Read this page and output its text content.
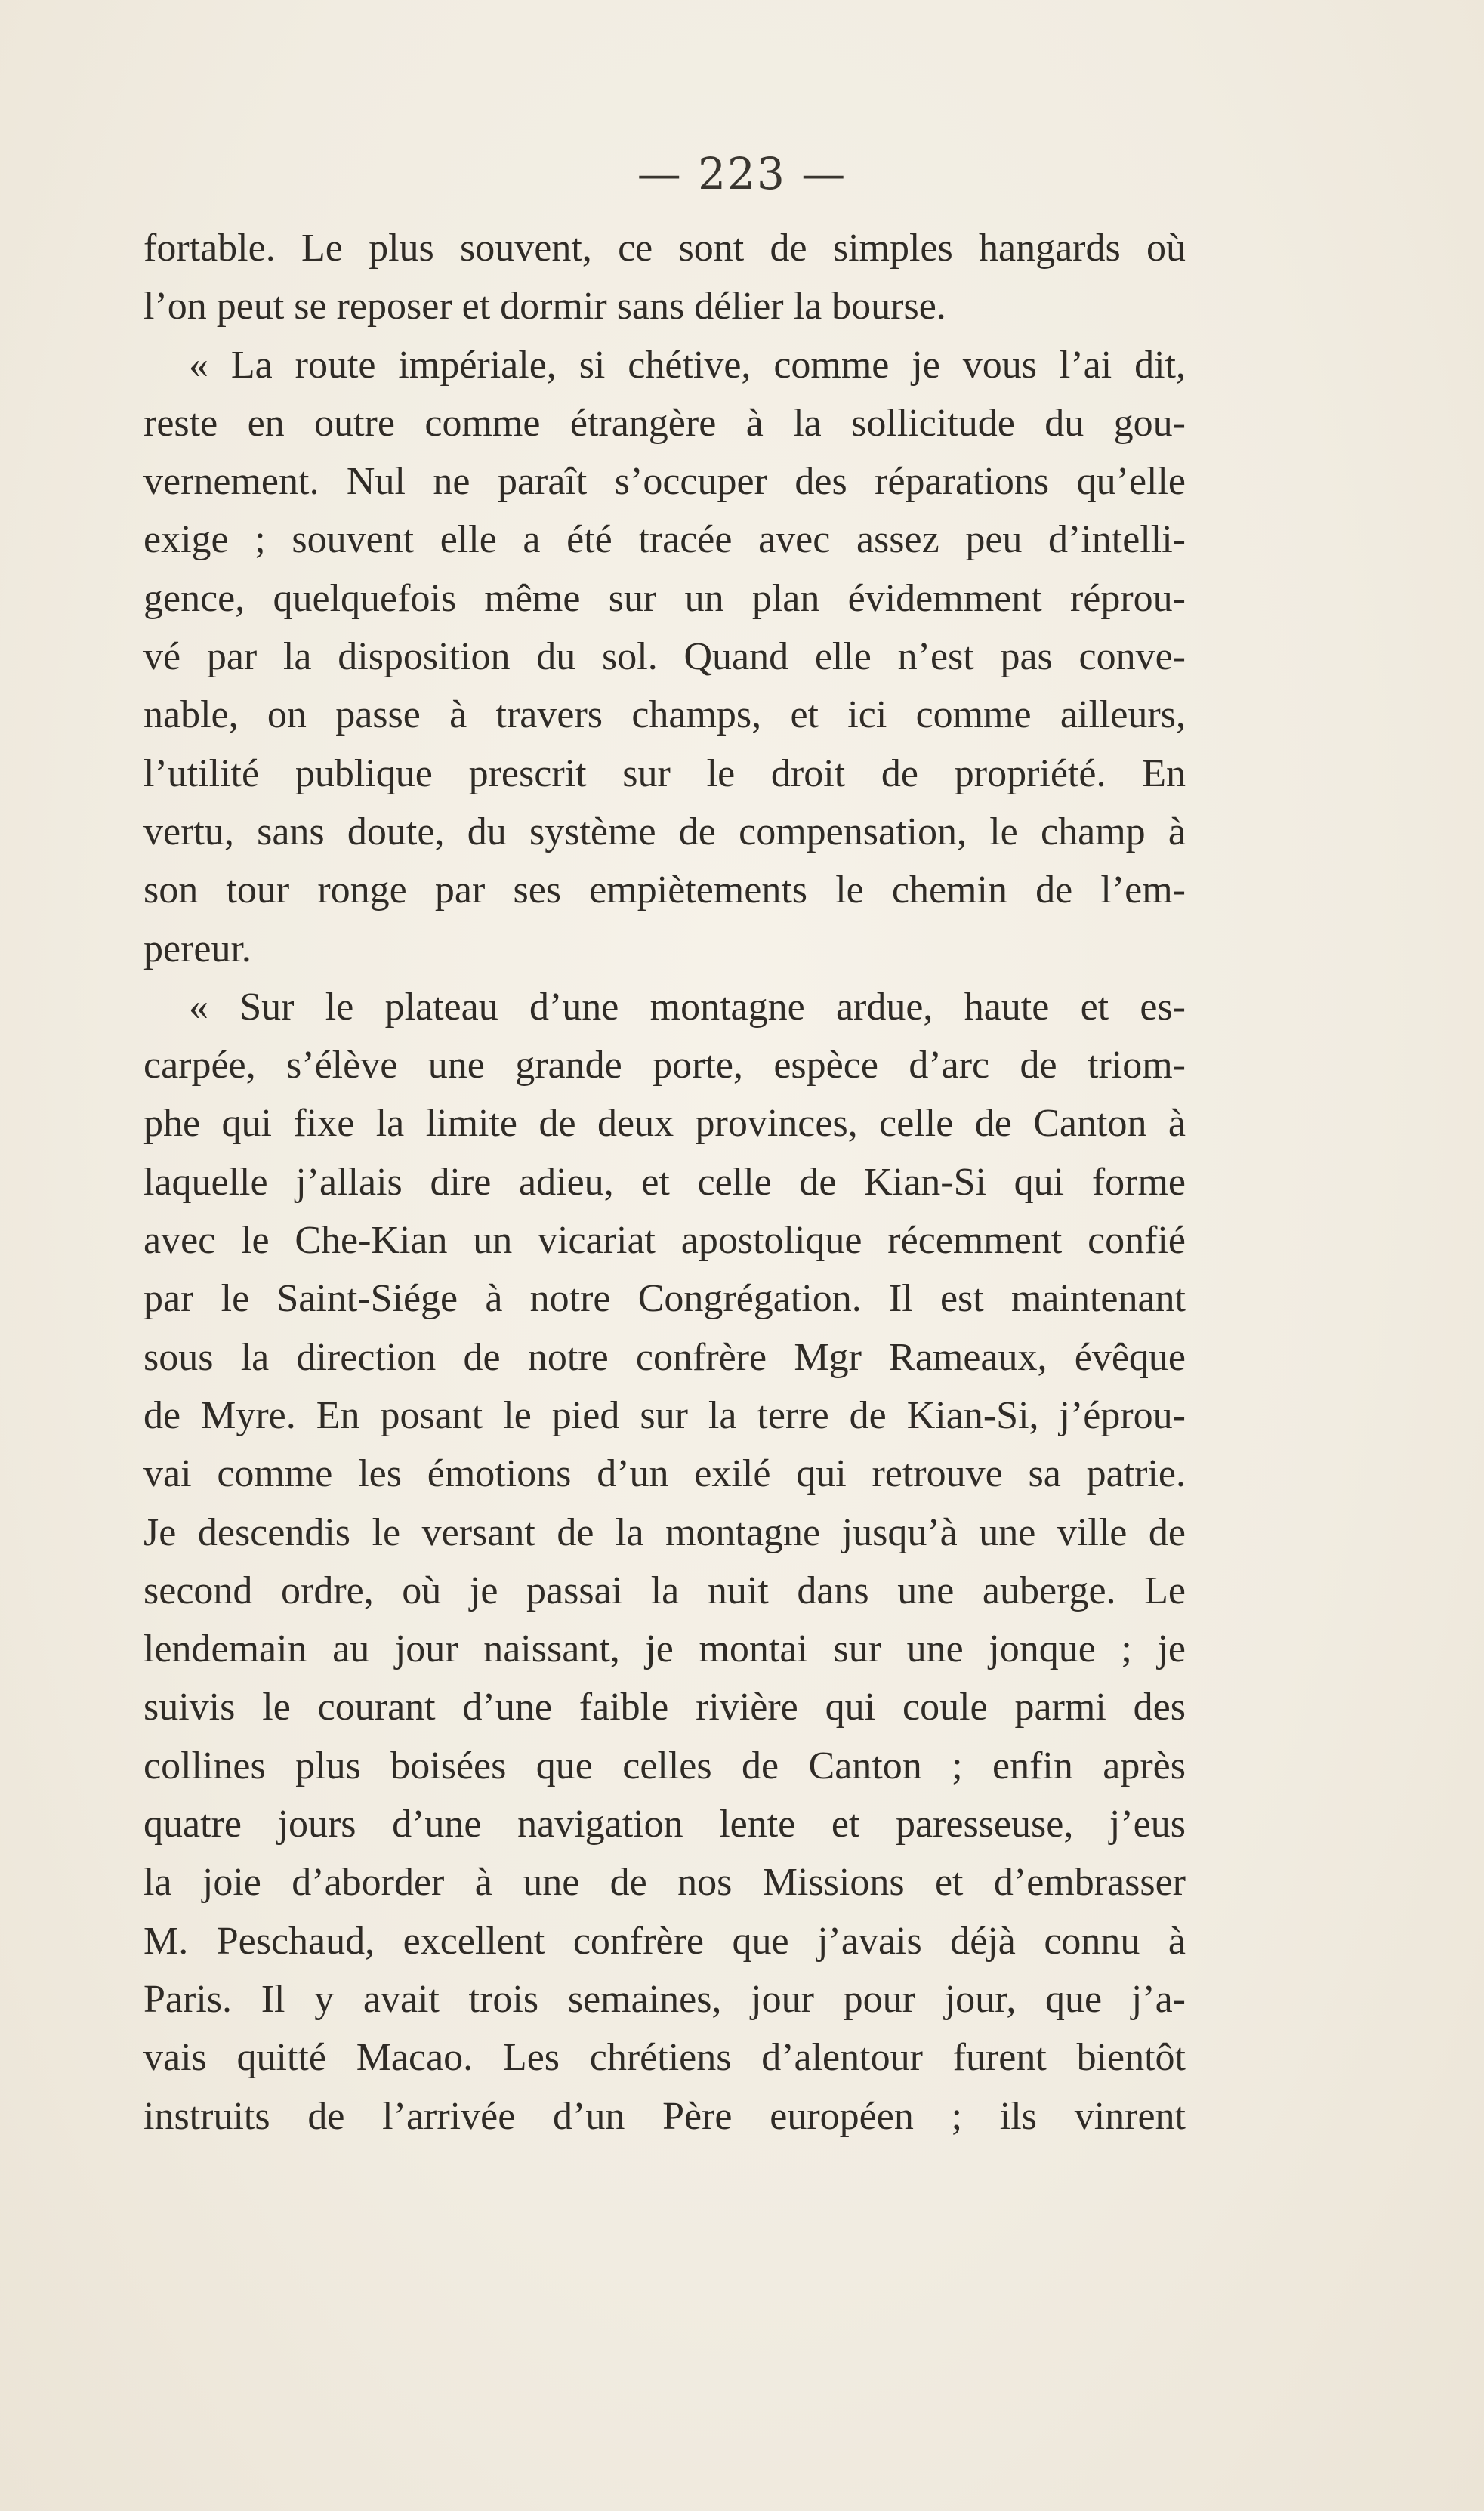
— 223 —
fortable. Le plus souvent, ce sont de simples hangards où
l’on peut se reposer et dormir sans délier la bourse.
« La route impériale, si chétive, comme je vous l’ai dit,
reste en outre comme étrangère à la sollicitude du gou-
vernement. Nul ne paraît s’occuper des réparations qu’elle
exige ; souvent elle a été tracée avec assez peu d’intelli-
gence, quelquefois même sur un plan évidemment réprou-
vé par la disposition du sol. Quand elle n’est pas conve-
nable, on passe à travers champs, et ici comme ailleurs,
l’utilité publique prescrit sur le droit de propriété. En
vertu, sans doute, du système de compensation, le champ à
son tour ronge par ses empiètements le chemin de l’em-
pereur.
« Sur le plateau d’une montagne ardue, haute et es-
carpée, s’élève une grande porte, espèce d’arc de triom-
phe qui fixe la limite de deux provinces, celle de Canton à
laquelle j’allais dire adieu, et celle de Kian-Si qui forme
avec le Che-Kian un vicariat apostolique récemment confié
par le Saint-Siége à notre Congrégation. Il est maintenant
sous la direction de notre confrère Mgr Rameaux, évêque
de Myre. En posant le pied sur la terre de Kian-Si, j’éprou-
vai comme les émotions d’un exilé qui retrouve sa patrie.
Je descendis le versant de la montagne jusqu’à une ville de
second ordre, où je passai la nuit dans une auberge. Le
lendemain au jour naissant, je montai sur une jonque ; je
suivis le courant d’une faible rivière qui coule parmi des
collines plus boisées que celles de Canton ; enfin après
quatre jours d’une navigation lente et paresseuse, j’eus
la joie d’aborder à une de nos Missions et d’embrasser
M. Peschaud, excellent confrère que j’avais déjà connu à
Paris. Il y avait trois semaines, jour pour jour, que j’a-
vais quitté Macao. Les chrétiens d’alentour furent bientôt
instruits de l’arrivée d’un Père européen ; ils vinrent
